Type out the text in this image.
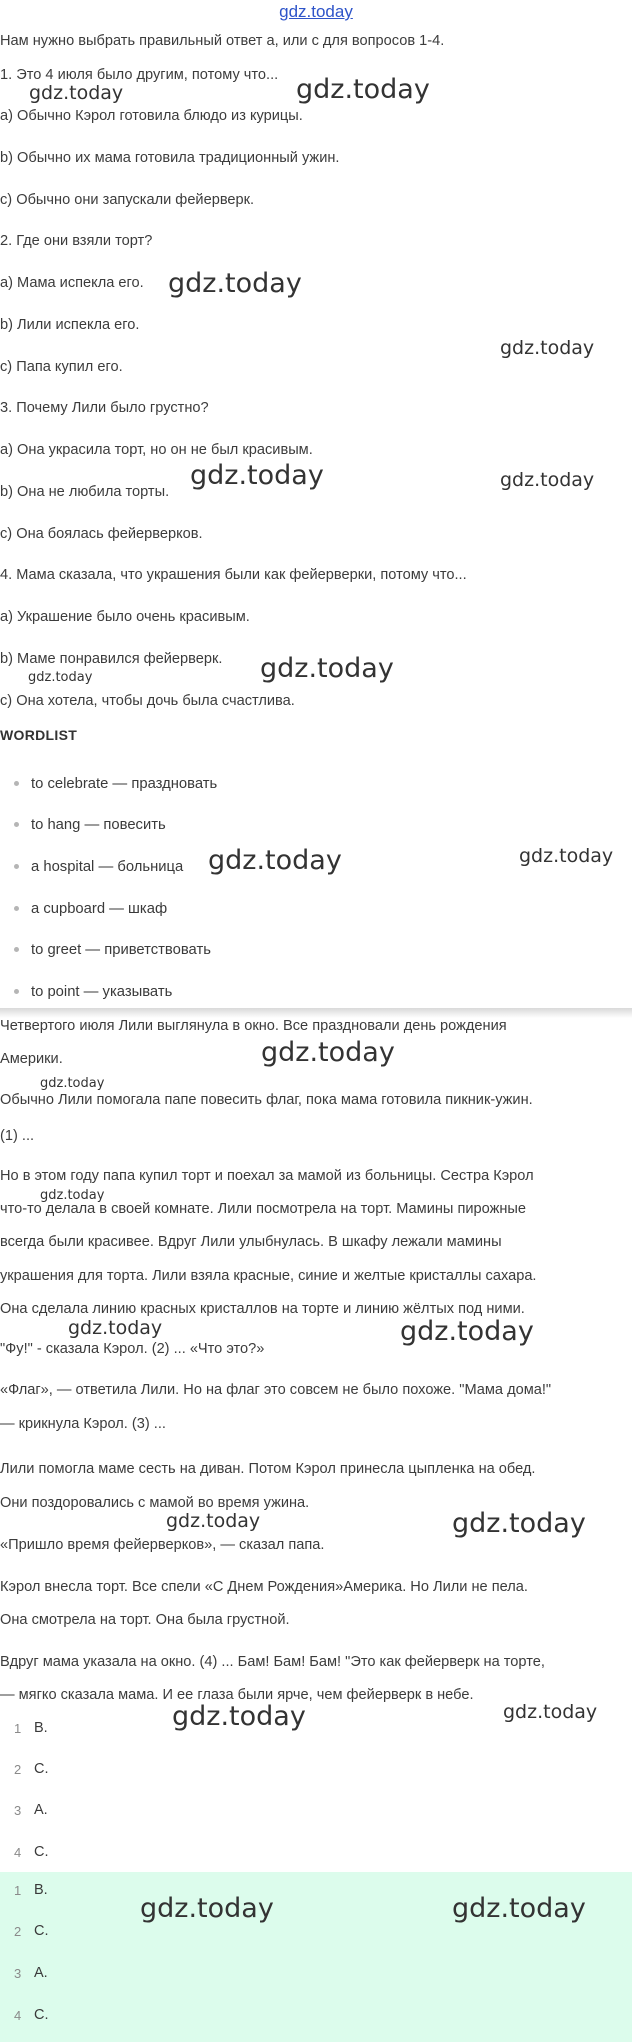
gdz.today
Нам нужно выбрать правильный ответ a, или c для вопросов 1-4.
1. Это 4 июля было другим, потому что...
a) Обычно Кэрол готовила блюдо из курицы.
b) Обычно их мама готовила традиционный ужин.
c) Обычно они запускали фейерверк.
2. Где они взяли торт?
a) Мама испекла его.
b) Лили испекла его.
c) Папа купил его.
3. Почему Лили было грустно?
a) Она украсила торт, но он не был красивым.
b) Она не любила торты.
c) Она боялась фейерверков.
4. Мама сказала, что украшения были как фейерверки, потому что...
a) Украшение было очень красивым.
b) Маме понравился фейерверк.
c) Она хотела, чтобы дочь была счастлива.
WORDLIST
to celebrate — праздновать
to hang — повесить
a hospital — больница
a cupboard — шкаф
to greet — приветствовать
to point — указывать
Четвертого июля Лили выглянула в окно. Все праздновали день рождения
Америки.
Обычно Лили помогала папе повесить флаг, пока мама готовила пикник-ужин.
(1) ...
Но в этом году папа купил торт и поехал за мамой из больницы. Сестра Кэрол
что-то делала в своей комнате. Лили посмотрела на торт. Мамины пирожные
всегда были красивее. Вдруг Лили улыбнулась. В шкафу лежали мамины
украшения для торта. Лили взяла красные, синие и желтые кристаллы сахара.
Она сделала линию красных кристаллов на торте и линию жёлтых под ними.
"Фу!" - сказала Кэрол. (2) ... «Что это?»
«Флаг», — ответила Лили. Но на флаг это совсем не было похоже. "Мама дома!"
— крикнула Кэрол. (3) ...
Лили помогла маме сесть на диван. Потом Кэрол принесла цыпленка на обед.
Они поздоровались с мамой во время ужина.
«Пришло время фейерверков», — сказал папа.
Кэрол внесла торт. Все спели «С Днем Рождения»Америка. Но Лили не пела.
Она смотрела на торт. Она была грустной.
Вдруг мама указала на окно. (4) ... Бам! Бам! Бам! "Это как фейерверк на торте,
— мягко сказала мама. И ее глаза были ярче, чем фейерверк в небе.
1 B.
2 C.
3 A.
4 C.
1 B.
2 C.
3 A.
4 C.
gdz.today	gdz.today
gdz.today
gdz.today
gdz.today	gdz.today
gdz.today	gdz.today
gdz.today	gdz.today
gdz.today
gdz.today
gdz.today
gdz.today	gdz.today
gdz.today	gdz.today
gdz.today	gdz.today
gdz.today	gdz.today
